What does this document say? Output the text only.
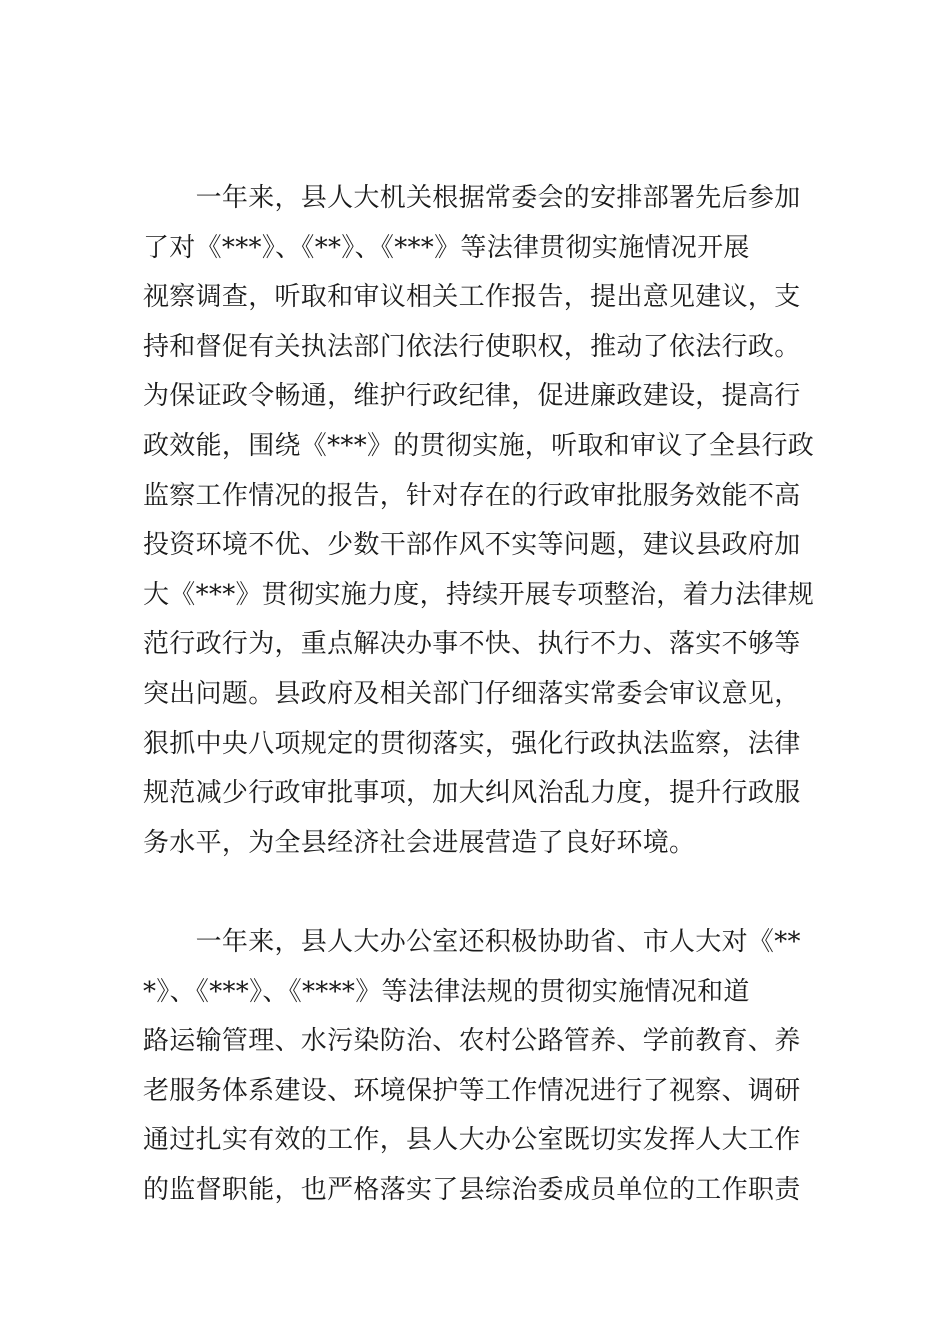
　　一年来，县人大机关根据常委会的安排部署先后参加
了对《***》、《**》、《***》等法律贯彻实施情况开展
视察调查，听取和审议相关工作报告，提出意见建议，支
持和督促有关执法部门依法行使职权，推动了依法行政。
为保证政令畅通，维护行政纪律，促进廉政建设，提高行
政效能，围绕《***》的贯彻实施，听取和审议了全县行政
监察工作情况的报告，针对存在的行政审批服务效能不高
投资环境不优、少数干部作风不实等问题，建议县政府加
大《***》贯彻实施力度，持续开展专项整治，着力法律规
范行政行为，重点解决办事不快、执行不力、落实不够等
突出问题。县政府及相关部门仔细落实常委会审议意见，
狠抓中央八项规定的贯彻落实，强化行政执法监察，法律
规范减少行政审批事项，加大纠风治乱力度，提升行政服
务水平，为全县经济社会进展营造了良好环境。
　　一年来，县人大办公室还积极协助省、市人大对《**
*》、《***》、《****》等法律法规的贯彻实施情况和道
路运输管理、水污染防治、农村公路管养、学前教育、养
老服务体系建设、环境保护等工作情况进行了视察、调研
通过扎实有效的工作，县人大办公室既切实发挥人大工作
的监督职能，也严格落实了县综治委成员单位的工作职责
